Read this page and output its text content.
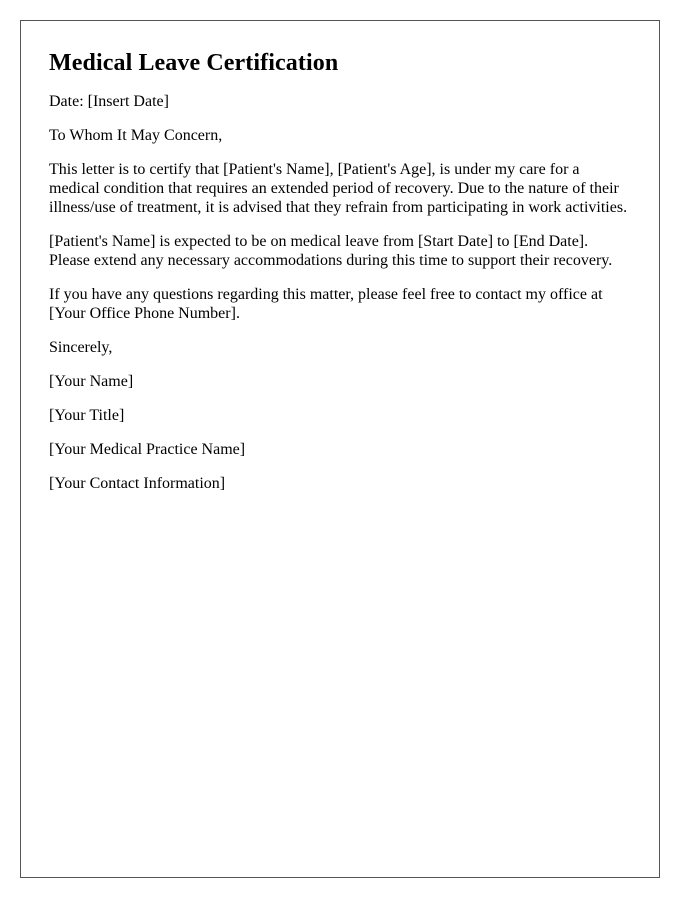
Medical Leave Certification

Date: [Insert Date]

To Whom It May Concern,

This letter is to certify that [Patient's Name], [Patient's Age], is under my care for a medical condition that requires an extended period of recovery. Due to the nature of their illness/use of treatment, it is advised that they refrain from participating in work activities.

[Patient's Name] is expected to be on medical leave from [Start Date] to [End Date]. Please extend any necessary accommodations during this time to support their recovery.

If you have any questions regarding this matter, please feel free to contact my office at [Your Office Phone Number].

Sincerely,

[Your Name]

[Your Title]

[Your Medical Practice Name]

[Your Contact Information]
